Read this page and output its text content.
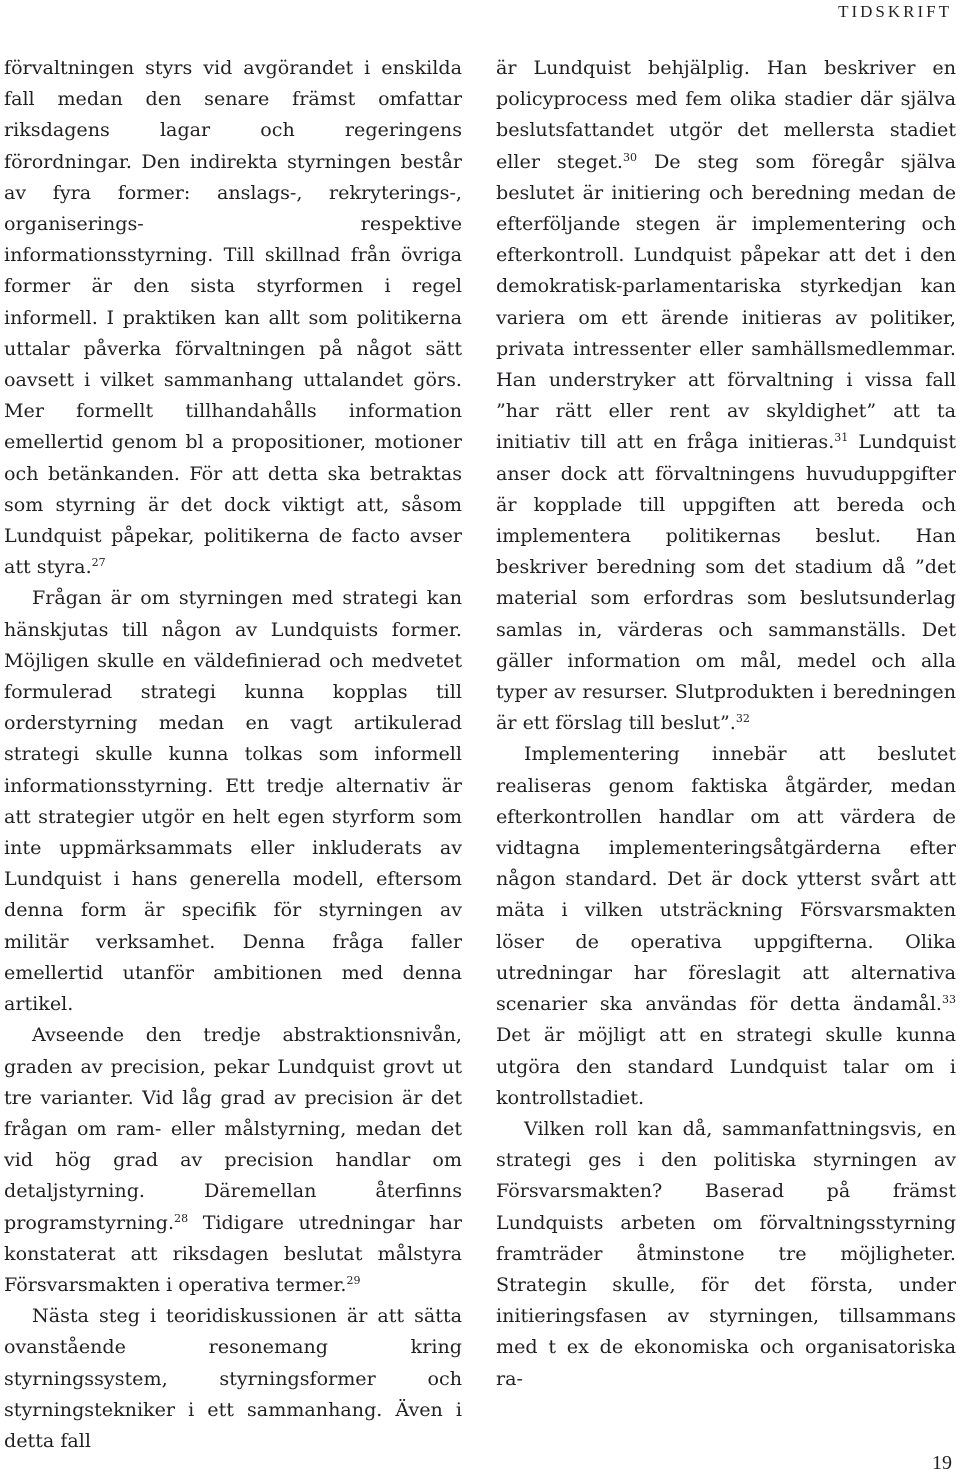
TIDSKRIFT

förvaltningen styrs vid avgörandet i enskilda fall medan den senare främst omfattar riksdagens lagar och regeringens förordningar. Den indirekta styrningen består av fyra former: anslags-, rekryterings-, organiserings- respektive informationsstyrning. Till skillnad från övriga former är den sista styrformen i regel informell. I praktiken kan allt som politikerna uttalar påverka förvaltningen på något sätt oavsett i vilket sammanhang uttalandet görs. Mer formellt tillhandahålls information emellertid genom bl a propositioner, motioner och betänkanden. För att detta ska betraktas som styrning är det dock viktigt att, såsom Lundquist påpekar, politikerna de facto avser att styra.$^{27}$

Frågan är om styrningen med strategi kan hänskjutas till någon av Lundquists former. Möjligen skulle en väldefinierad och medvetet formulerad strategi kunna kopplas till orderstyrning medan en vagt artikulerad strategi skulle kunna tolkas som informell informationsstyrning. Ett tredje alternativ är att strategier utgör en helt egen styrform som inte uppmärksammats eller inkluderats av Lundquist i hans generella modell, eftersom denna form är specifik för styrningen av militär verksamhet. Denna fråga faller emellertid utanför ambitionen med denna artikel.

Avseende den tredje abstraktionsnivån, graden av precision, pekar Lundquist grovt ut tre varianter. Vid låg grad av precision är det frågan om ram- eller målstyrning, medan det vid hög grad av precision handlar om detaljstyrning. Däremellan återfinns programstyrning.$^{28}$ Tidigare utredningar har konstaterat att riksdagen beslutat målstyra Försvarsmakten i operativa termer.$^{29}$

Nästa steg i teoridiskussionen är att sätta ovanstående resonemang kring styrningssystem, styrningsformer och styrningstekniker i ett sammanhang. Även i detta fall

är Lundquist behjälplig. Han beskriver en policyprocess med fem olika stadier där själva beslutsfattandet utgör det mellersta stadiet eller steget.$^{30}$ De steg som föregår själva beslutet är initiering och beredning medan de efterföljande stegen är implementering och efterkontroll. Lundquist påpekar att det i den demokratisk-parlamentariska styrkedjan kan variera om ett ärende initieras av politiker, privata intressenter eller samhällsmedlemmar. Han understryker att förvaltning i vissa fall ”har rätt eller rent av skyldighet” att ta initiativ till att en fråga initieras.$^{31}$ Lundquist anser dock att förvaltningens huvuduppgifter är kopplade till uppgiften att bereda och implementera politikernas beslut. Han beskriver beredning som det stadium då ”det material som erfordras som beslutsunderlag samlas in, värderas och sammanställs. Det gäller information om mål, medel och alla typer av resurser. Slutprodukten i beredningen är ett förslag till beslut”.$^{32}$

Implementering innebär att beslutet realiseras genom faktiska åtgärder, medan efterkontrollen handlar om att värdera de vidtagna implementeringsåtgärderna efter någon standard. Det är dock ytterst svårt att mäta i vilken utsträckning Försvarsmakten löser de operativa uppgifterna. Olika utredningar har föreslagit att alternativa scenarier ska användas för detta ändamål.$^{33}$ Det är möjligt att en strategi skulle kunna utgöra den standard Lundquist talar om i kontrollstadiet.

Vilken roll kan då, sammanfattningsvis, en strategi ges i den politiska styrningen av Försvarsmakten? Baserad på främst Lundquists arbeten om förvaltningsstyrning framträder åtminstone tre möjligheter. Strategin skulle, för det första, under initieringsfasen av styrningen, tillsammans med t ex de ekonomiska och organisatoriska ra-

19
